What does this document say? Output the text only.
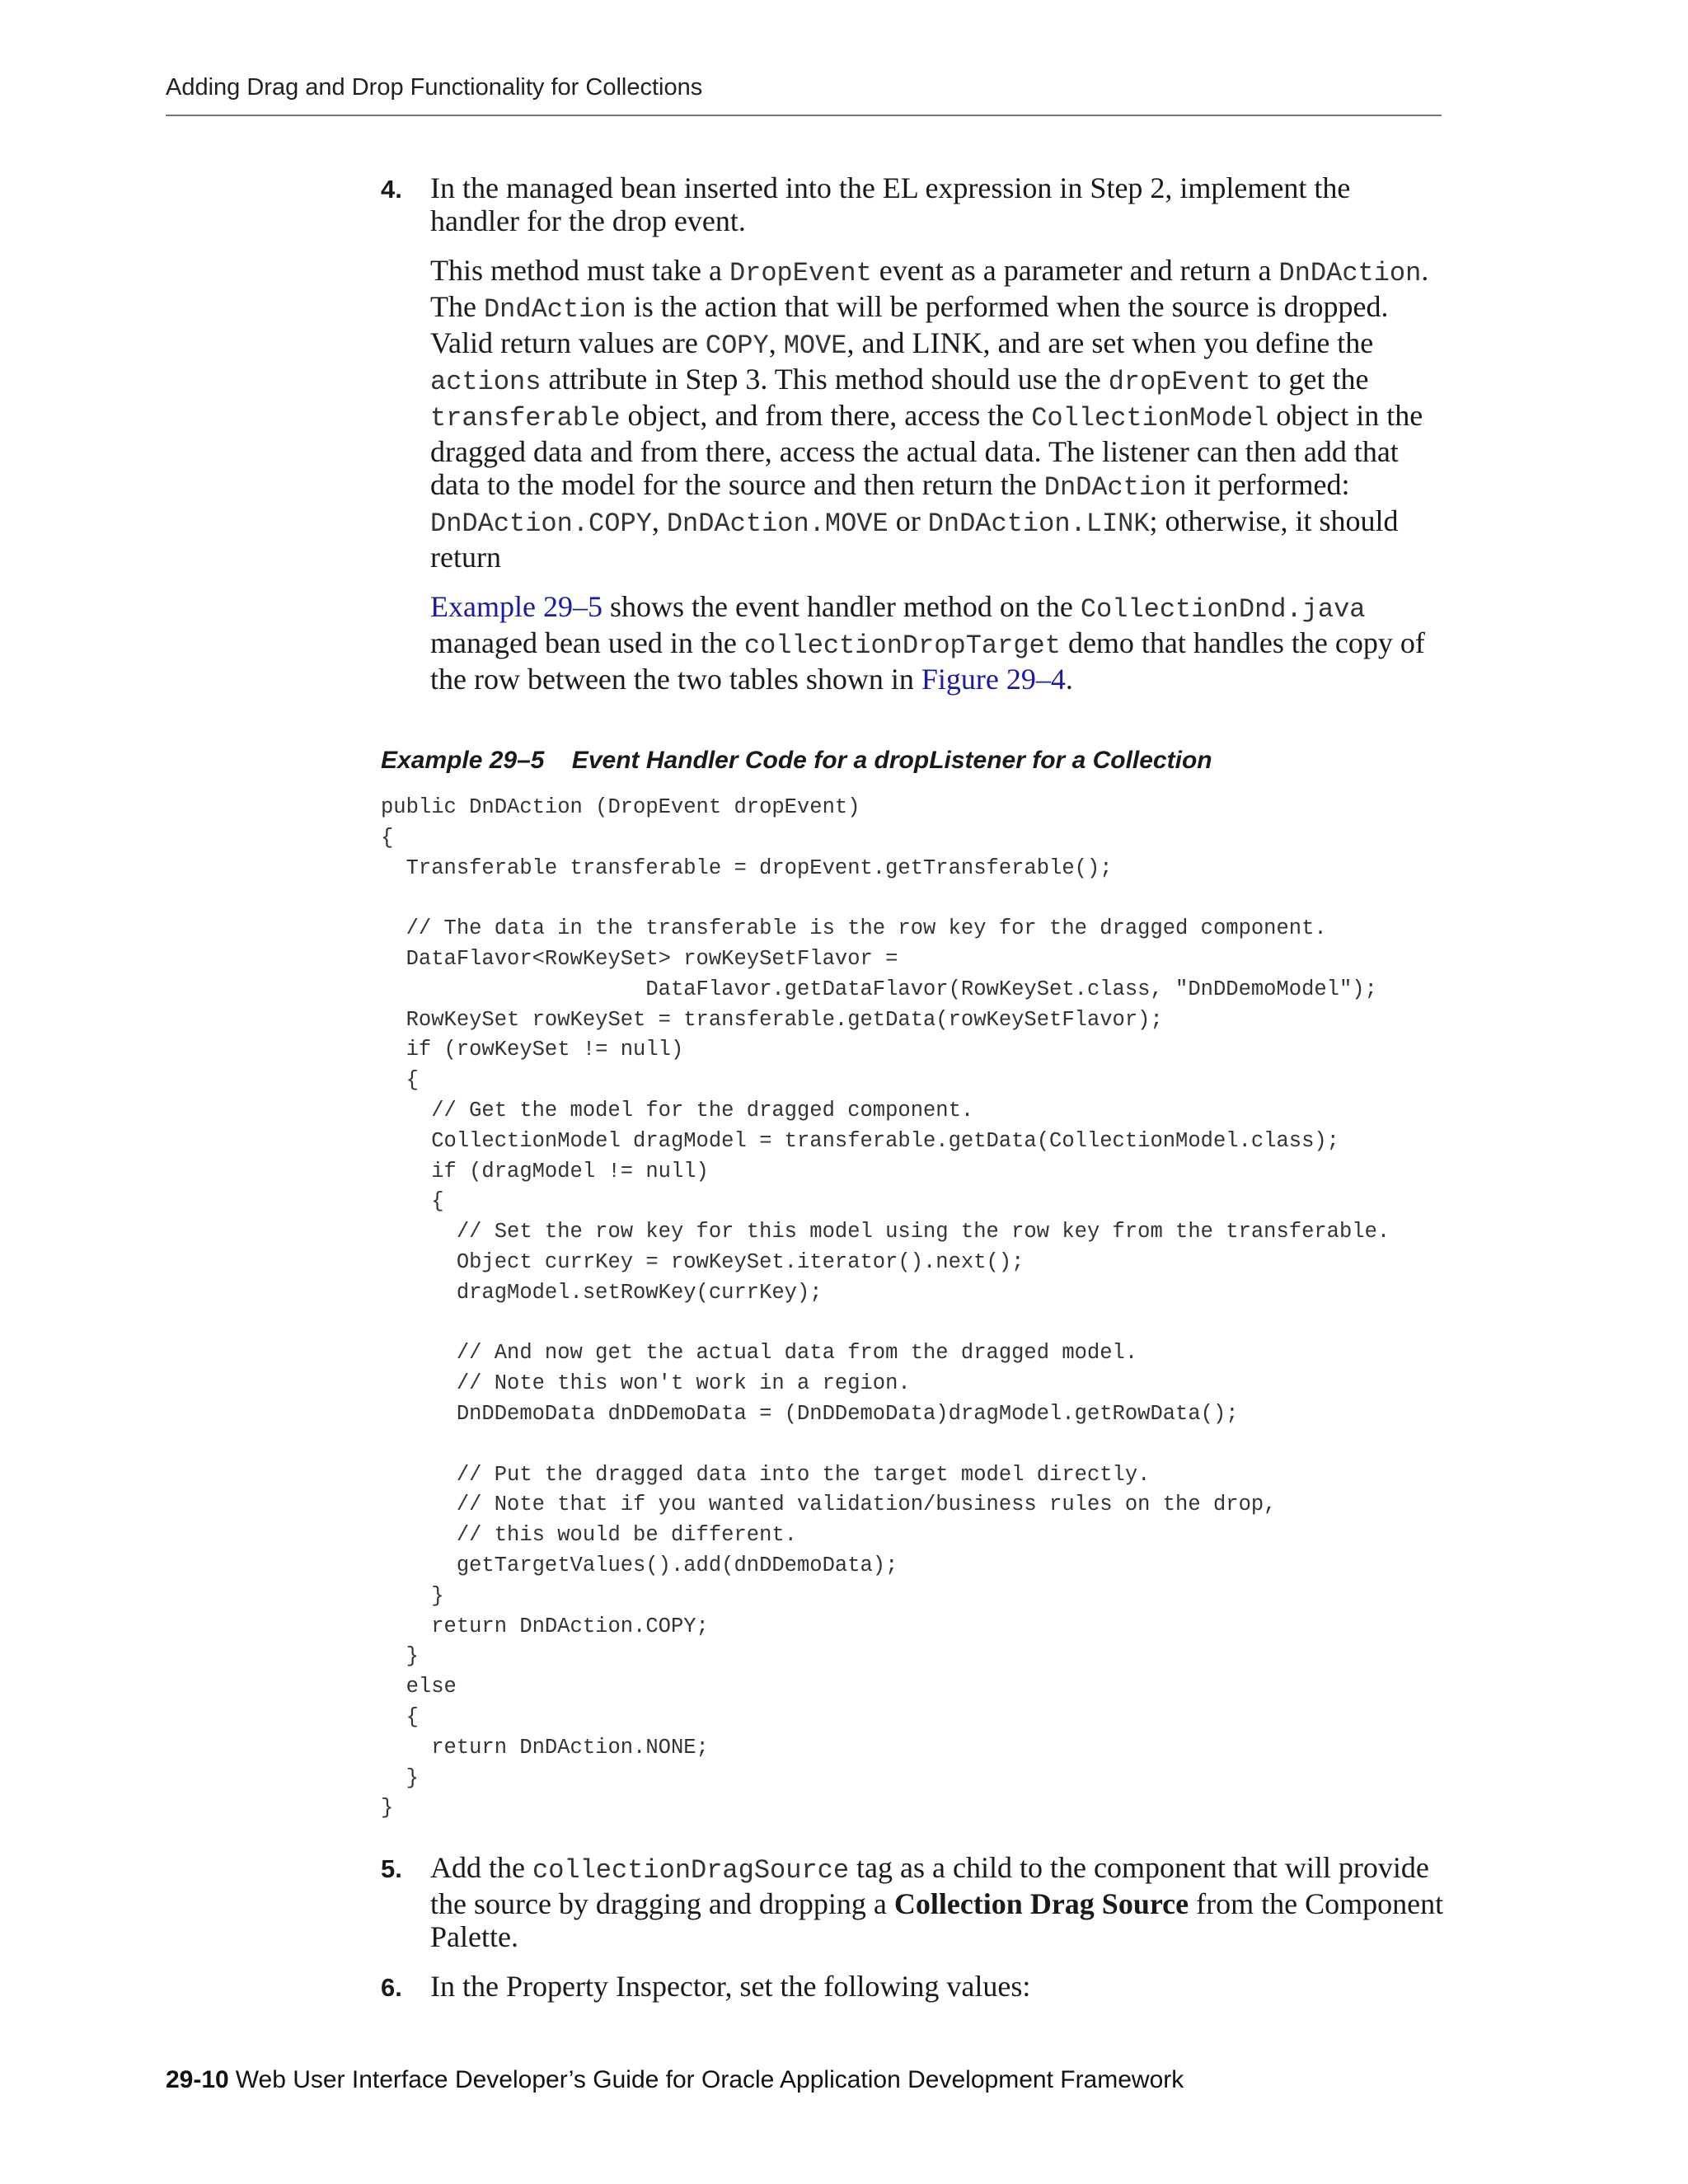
Adding Drag and Drop Functionality for Collections
4. In the managed bean inserted into the EL expression in Step 2, implement the handler for the drop event.
This method must take a DropEvent event as a parameter and return a DnDAction. The DndAction is the action that will be performed when the source is dropped. Valid return values are COPY, MOVE, and LINK, and are set when you define the actions attribute in Step 3. This method should use the dropEvent to get the transferable object, and from there, access the CollectionModel object in the dragged data and from there, access the actual data. The listener can then add that data to the model for the source and then return the DnDAction it performed: DnDAction.COPY, DnDAction.MOVE or DnDAction.LINK; otherwise, it should return
Example 29–5 shows the event handler method on the CollectionDnd.java managed bean used in the collectionDropTarget demo that handles the copy of the row between the two tables shown in Figure 29–4.
Example 29–5    Event Handler Code for a dropListener for a Collection
public DnDAction (DropEvent dropEvent)
{
Transferable transferable = dropEvent.getTransferable();

// The data in the transferable is the row key for the dragged component.
DataFlavor<RowKeySet> rowKeySetFlavor =
DataFlavor.getDataFlavor(RowKeySet.class, "DnDDemoModel");
RowKeySet rowKeySet = transferable.getData(rowKeySetFlavor);
if (rowKeySet != null)
{
// Get the model for the dragged component.
CollectionModel dragModel = transferable.getData(CollectionModel.class);
if (dragModel != null)
{
// Set the row key for this model using the row key from the transferable.
Object currKey = rowKeySet.iterator().next();
dragModel.setRowKey(currKey);

// And now get the actual data from the dragged model.
// Note this won't work in a region.
DnDDemoData dnDDemoData = (DnDDemoData)dragModel.getRowData();

// Put the dragged data into the target model directly.
// Note that if you wanted validation/business rules on the drop,
// this would be different.
getTargetValues().add(dnDDemoData);
}
return DnDAction.COPY;
}
else
{
return DnDAction.NONE;
}
}
5. Add the collectionDragSource tag as a child to the component that will provide the source by dragging and dropping a Collection Drag Source from the Component Palette.
6. In the Property Inspector, set the following values:
29-10 Web User Interface Developer’s Guide for Oracle Application Development Framework
